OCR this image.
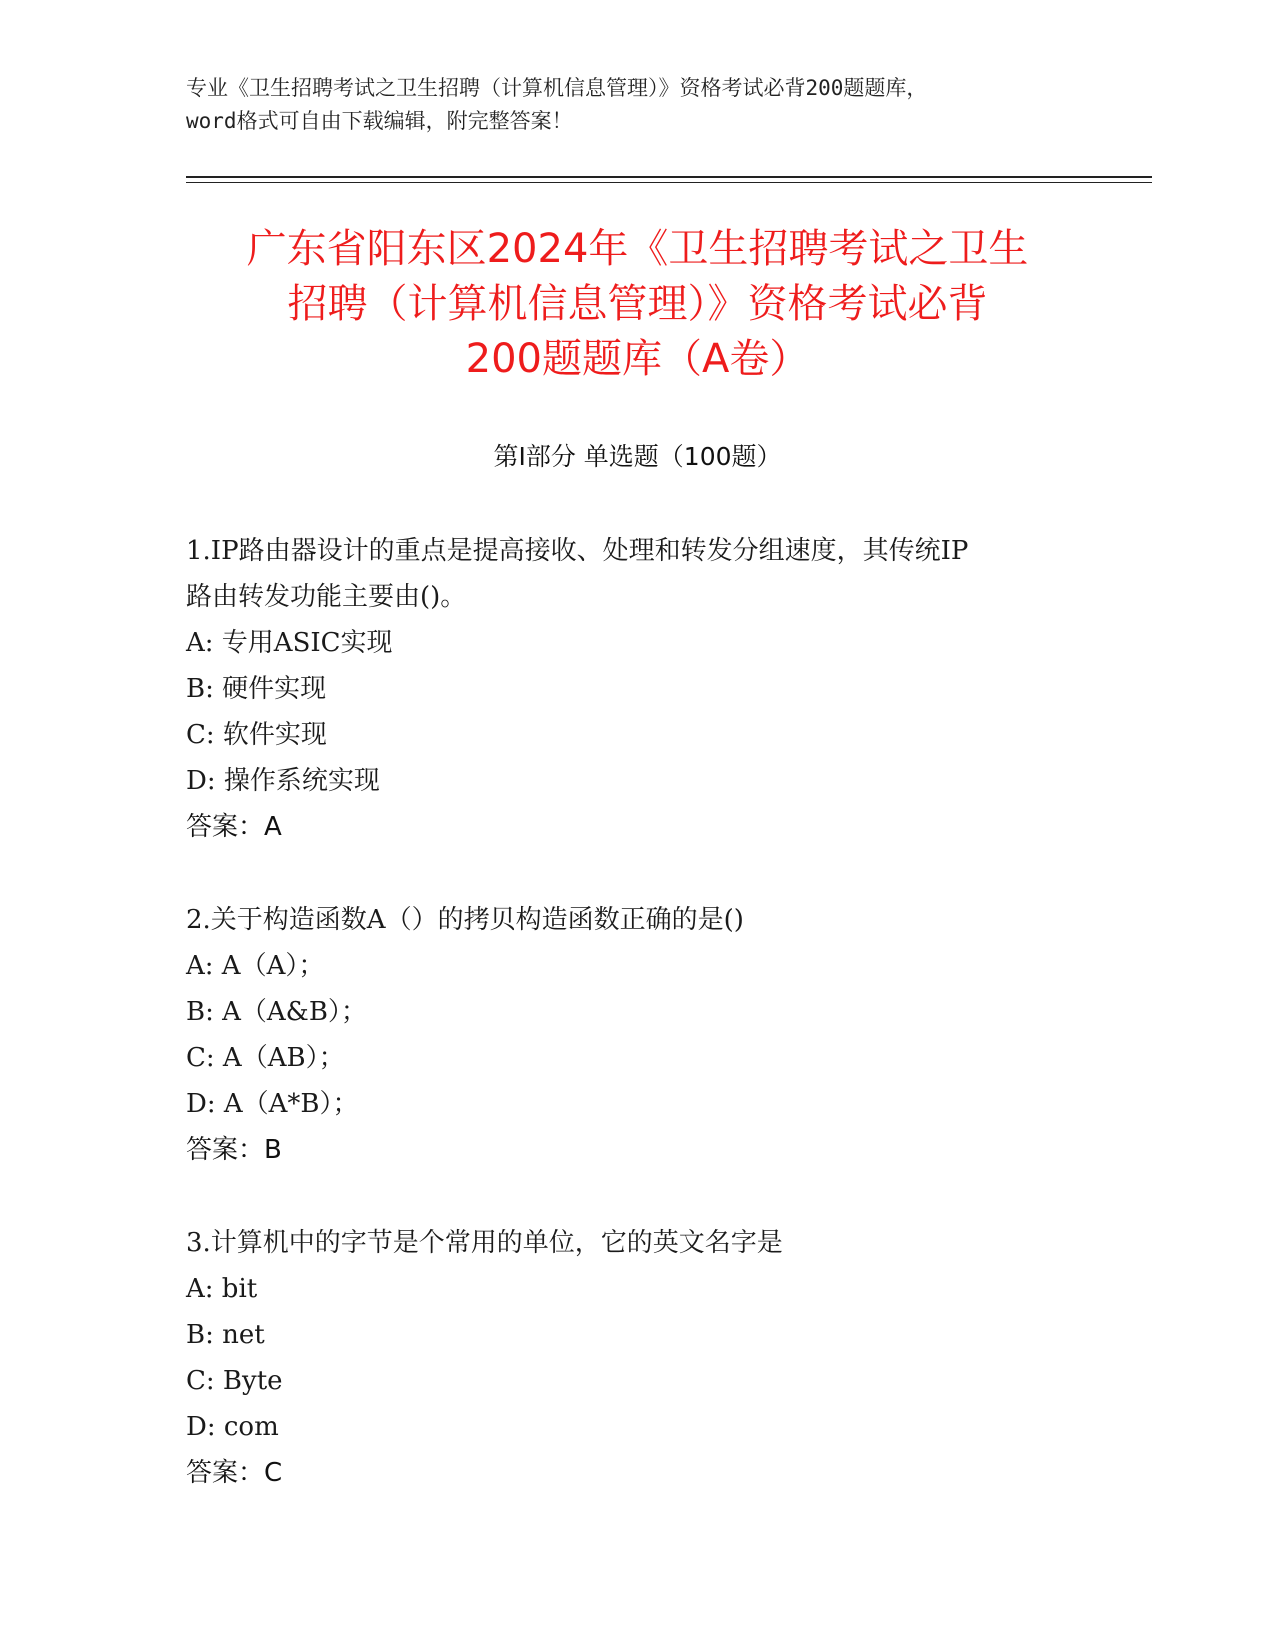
专业《卫生招聘考试之卫生招聘（计算机信息管理）》资格考试必背200题题库，
word格式可自由下载编辑，附完整答案！
广东省阳东区2024年《卫生招聘考试之卫生
招聘（计算机信息管理）》资格考试必背
200题题库（A卷）
第Ⅰ部分 单选题（100题）
1.IP路由器设计的重点是提高接收、处理和转发分组速度，其传统IP
路由转发功能主要由()。
A: 专用ASIC实现
B: 硬件实现
C: 软件实现
D: 操作系统实现
答案：A
2.关于构造函数A（）的拷贝构造函数正确的是()
A: A（A）；
B: A（A&B）；
C: A（AB）；
D: A（A*B）；
答案：B
3.计算机中的字节是个常用的单位，它的英文名字是
A: bit
B: net
C: Byte
D: com
答案：C
